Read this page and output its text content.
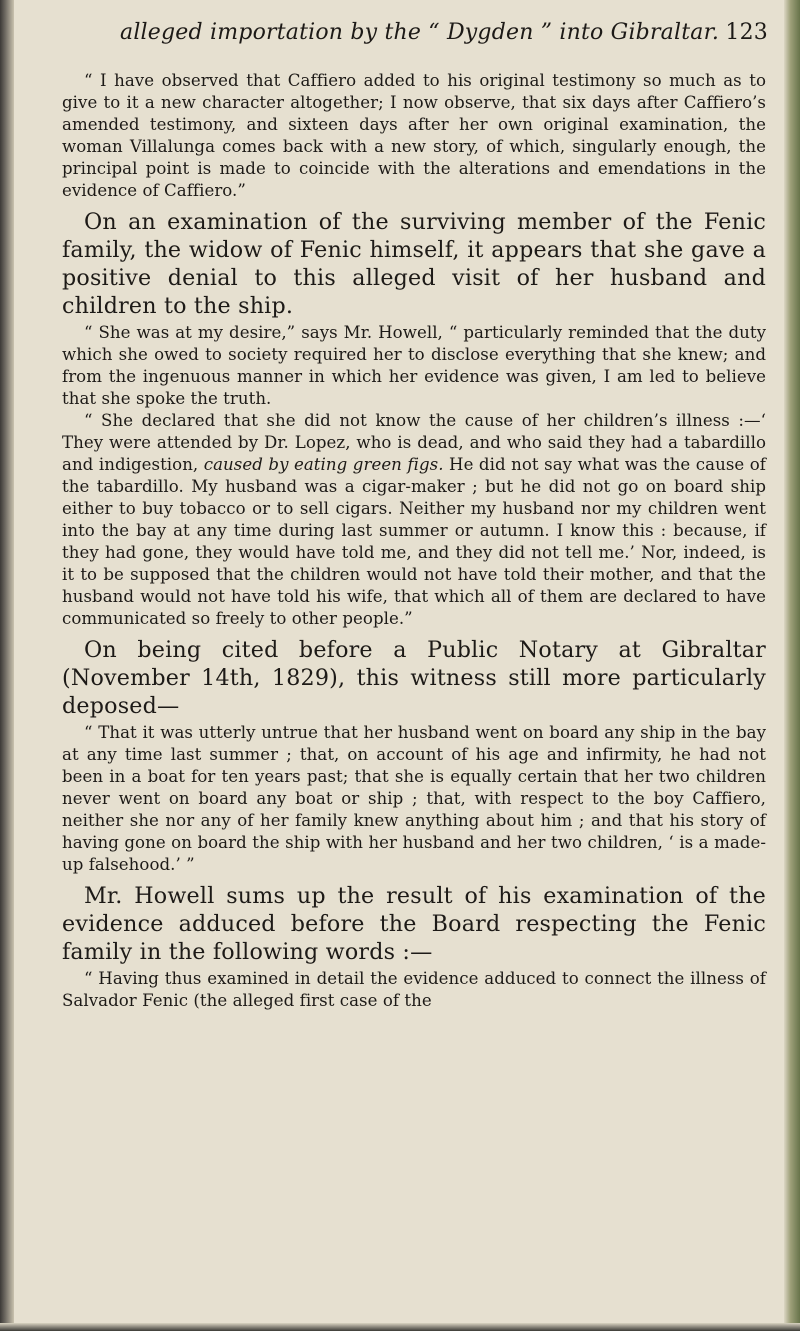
alleged importation by the “ Dygden ” into Gibraltar. 123

“ I have observed that Caffiero added to his original testimony so much as to give to it a new character altogether; I now observe, that six days after Caffiero’s amended testimony, and sixteen days after her own original examination, the woman Villalunga comes back with a new story, of which, singularly enough, the principal point is made to coincide with the alterations and emendations in the evidence of Caffiero.”

On an examination of the surviving member of the Fenic family, the widow of Fenic himself, it appears that she gave a positive denial to this alleged visit of her husband and children to the ship.

“ She was at my desire,” says Mr. Howell, “ particularly reminded that the duty which she owed to society required her to disclose everything that she knew; and from the ingenuous manner in which her evidence was given, I am led to believe that she spoke the truth.

“ She declared that she did not know the cause of her children’s illness :—‘ They were attended by Dr. Lopez, who is dead, and who said they had a tabardillo and indigestion, caused by eating green figs. He did not say what was the cause of the tabardillo. My husband was a cigar-maker ; but he did not go on board ship either to buy tobacco or to sell cigars. Neither my husband nor my children went into the bay at any time during last summer or autumn. I know this : because, if they had gone, they would have told me, and they did not tell me.’ Nor, indeed, is it to be supposed that the children would not have told their mother, and that the husband would not have told his wife, that which all of them are declared to have communicated so freely to other people.”

On being cited before a Public Notary at Gibraltar (November 14th, 1829), this witness still more particularly deposed—

“ That it was utterly untrue that her husband went on board any ship in the bay at any time last summer ; that, on account of his age and infirmity, he had not been in a boat for ten years past; that she is equally certain that her two children never went on board any boat or ship ; that, with respect to the boy Caffiero, neither she nor any of her family knew anything about him ; and that his story of having gone on board the ship with her husband and her two children, ‘ is a made-up falsehood.’ ”

Mr. Howell sums up the result of his examination of the evidence adduced before the Board respecting the Fenic family in the following words :—

“ Having thus examined in detail the evidence adduced to connect the illness of Salvador Fenic (the alleged first case of the
